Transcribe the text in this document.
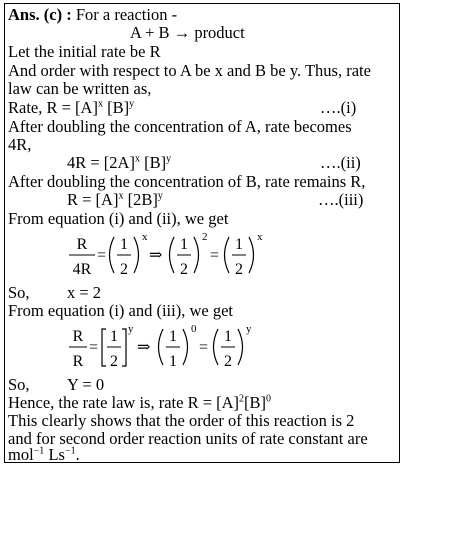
Ans. (c) : For a reaction -
A + B → product
Let the initial rate be R
And order with respect to A be x and B be y. Thus, rate
law can be written as,
Rate, $R = [A]^x$ $[B]^y$	….(i)
After doubling the concentration of A, rate becomes
4R,
$4R = [2A]^x$ $[B]^y$	….(ii)
After doubling the concentration of B, rate remains R,
$R = [A]^x$ $[2B]^y$	….(iii)
From equation (i) and (ii), we get
R
4R
=
1
2
x
⇒
1
2
2
=
1
2
x
So, x = 2
From equation (i) and (iii), we get
R
R
=
1
2
y
⇒
1
1
0
=
1
2
y
So, Y = 0
Hence, the rate law is, rate $R = [A]^2[B]^0$
This clearly shows that the order of this reaction is 2
and for second order reaction units of rate constant are
mol$^{-1}$ $Ls^{-1}$.
